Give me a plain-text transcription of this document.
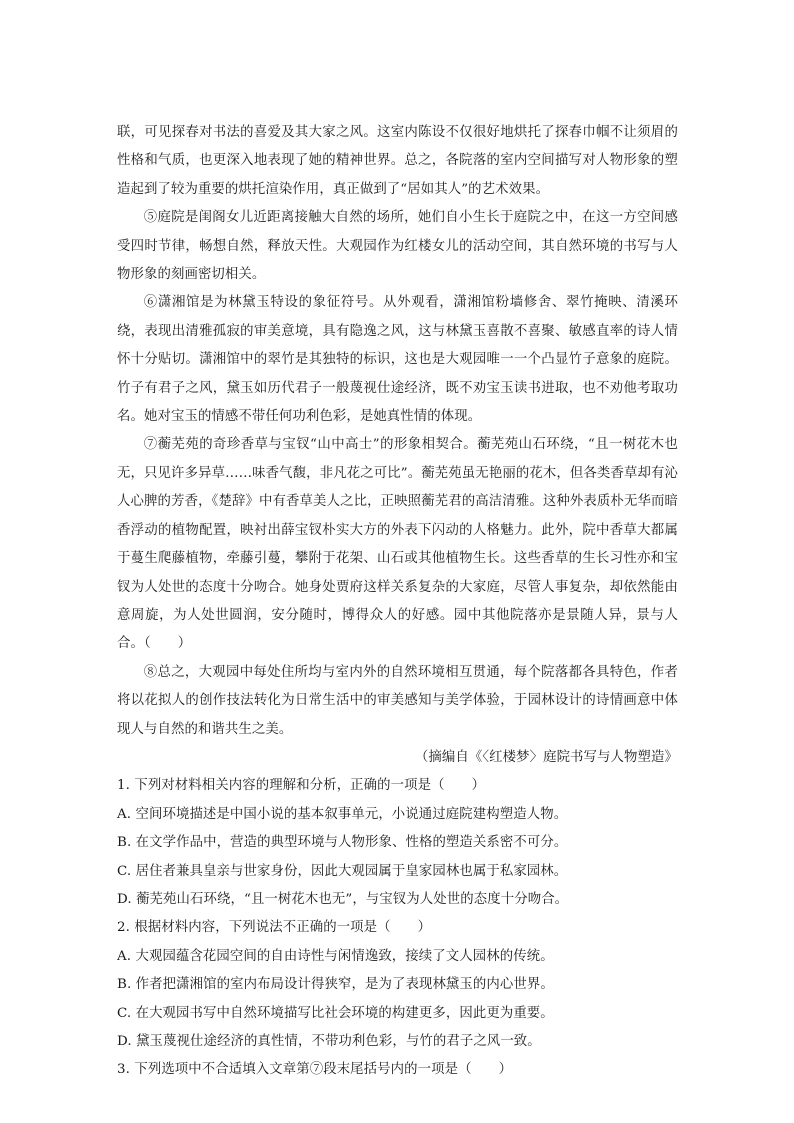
联，可见探春对书法的喜爱及其大家之风。这室内陈设不仅很好地烘托了探春巾帼不让须眉的性格和气质，也更深入地表现了她的精神世界。总之，各院落的室内空间描写对人物形象的塑造起到了较为重要的烘托渲染作用，真正做到了“居如其人”的艺术效果。

⑤庭院是闺阁女儿近距离接触大自然的场所，她们自小生长于庭院之中，在这一方空间感受四时节律，畅想自然，释放天性。大观园作为红楼女儿的活动空间，其自然环境的书写与人物形象的刻画密切相关。

⑥潇湘馆是为林黛玉特设的象征符号。从外观看，潇湘馆粉墙修舍、翠竹掩映、清溪环绕，表现出清雅孤寂的审美意境，具有隐逸之风，这与林黛玉喜散不喜聚、敏感直率的诗人情怀十分贴切。潇湘馆中的翠竹是其独特的标识，这也是大观园唯一一个凸显竹子意象的庭院。竹子有君子之风，黛玉如历代君子一般蔑视仕途经济，既不劝宝玉读书进取，也不劝他考取功名。她对宝玉的情感不带任何功利色彩，是她真性情的体现。

⑦蘅芜苑的奇珍香草与宝钗“山中高士”的形象相契合。蘅芜苑山石环绕，“且一树花木也无，只见许多异草……味香气馥，非凡花之可比”。蘅芜苑虽无艳丽的花木，但各类香草却有沁人心脾的芳香，《楚辞》中有香草美人之比，正映照蘅芜君的高洁清雅。这种外表质朴无华而暗香浮动的植物配置，映衬出薛宝钗朴实大方的外表下闪动的人格魅力。此外，院中香草大都属于蔓生爬藤植物，牵藤引蔓，攀附于花架、山石或其他植物生长。这些香草的生长习性亦和宝钗为人处世的态度十分吻合。她身处贾府这样关系复杂的大家庭，尽管人事复杂，却依然能由意周旋，为人处世圆润，安分随时，博得众人的好感。园中其他院落亦是景随人异，景与人合。（　　）

⑧总之，大观园中每处住所均与室内外的自然环境相互贯通，每个院落都各具特色，作者将以花拟人的创作技法转化为日常生活中的审美感知与美学体验，于园林设计的诗情画意中体现人与自然的和谐共生之美。

（摘编自《〈红楼梦〉庭院书写与人物塑造》

1. 下列对材料相关内容的理解和分析，正确的一项是（　　）

A. 空间环境描述是中国小说的基本叙事单元，小说通过庭院建构塑造人物。

B. 在文学作品中，营造的典型环境与人物形象、性格的塑造关系密不可分。

C. 居住者兼具皇亲与世家身份，因此大观园属于皇家园林也属于私家园林。

D. 蘅芜苑山石环绕，“且一树花木也无”，与宝钗为人处世的态度十分吻合。

2. 根据材料内容，下列说法不正确的一项是（　　）

A. 大观园蕴含花园空间的自由诗性与闲情逸致，接续了文人园林的传统。

B. 作者把潇湘馆的室内布局设计得狭窄，是为了表现林黛玉的内心世界。

C. 在大观园书写中自然环境描写比社会环境的构建更多，因此更为重要。

D. 黛玉蔑视仕途经济的真性情，不带功利色彩，与竹的君子之风一致。

3. 下列选项中不合适填入文章第⑦段末尾括号内的一项是（　　）
